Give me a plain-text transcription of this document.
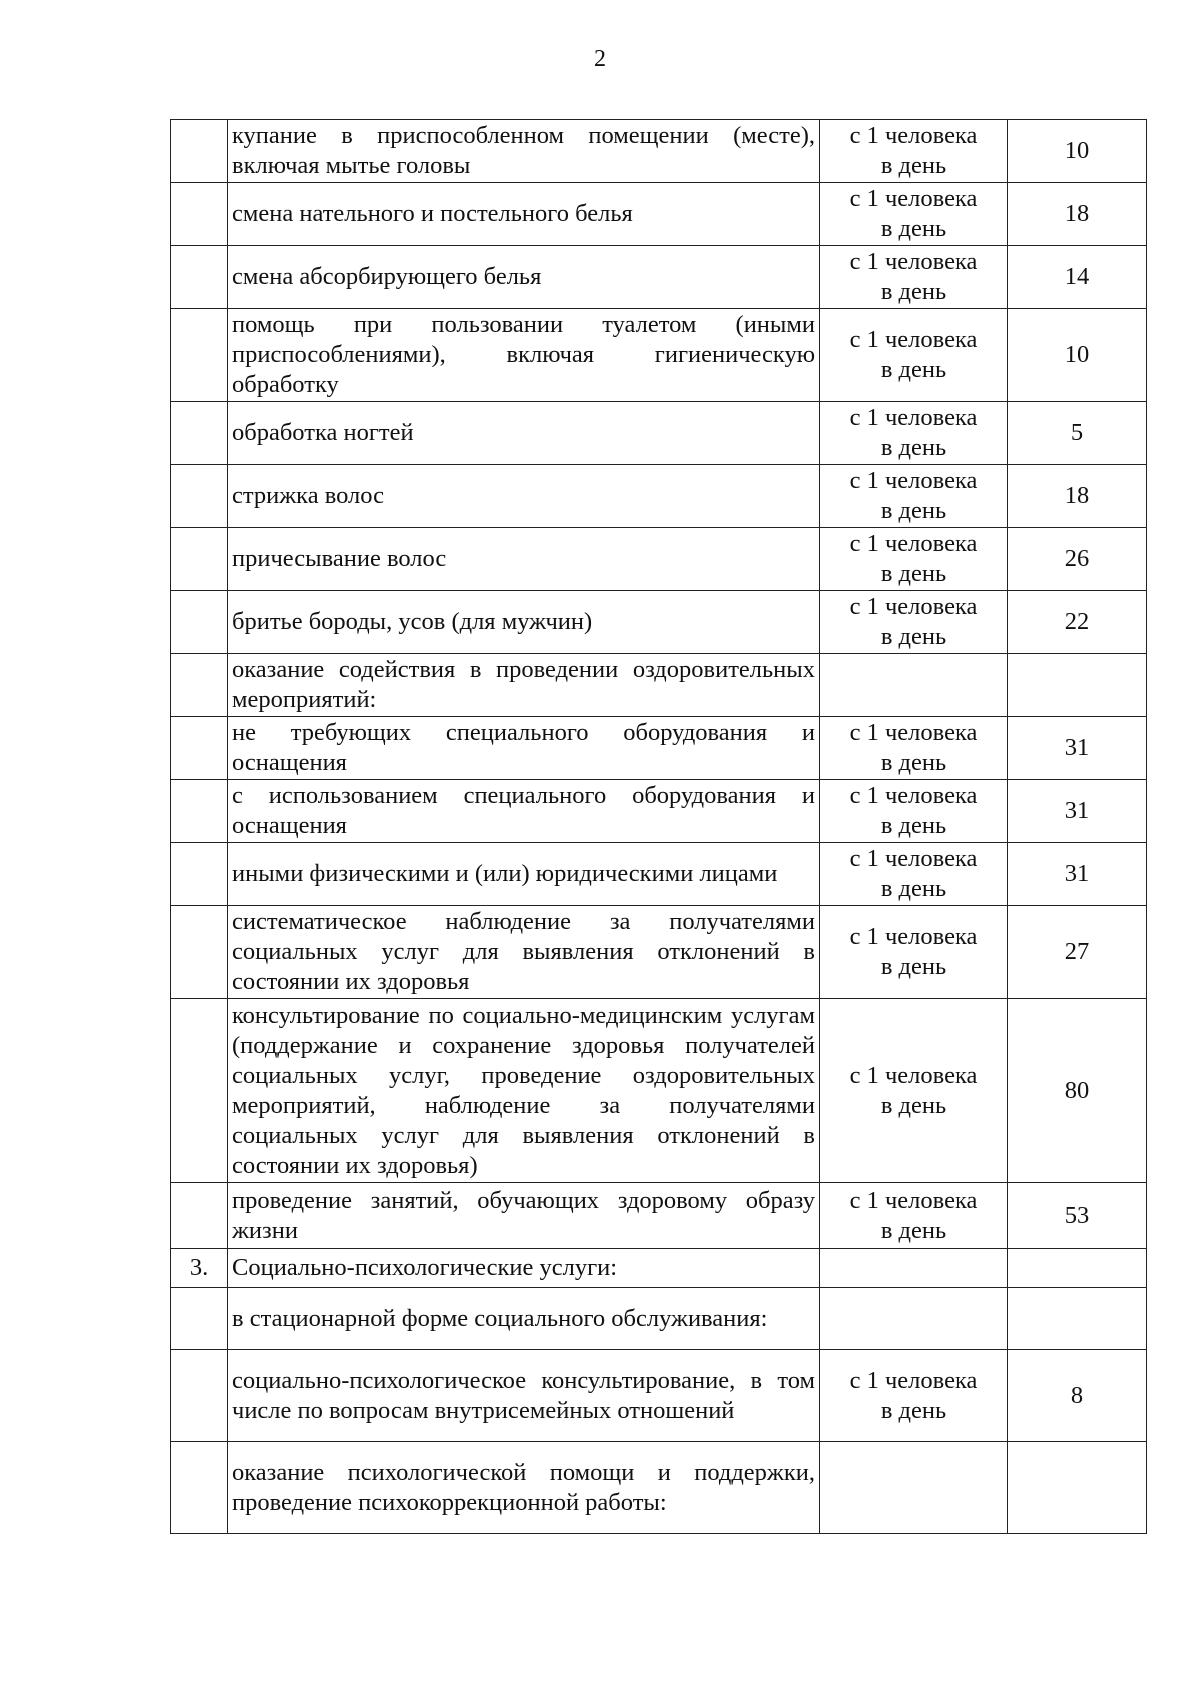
2
	купание в приспособленном помещении (месте), включая мытье головы	с 1 человека
в день	10
	смена нательного и постельного белья	с 1 человека
в день	18
	смена абсорбирующего белья	с 1 человека
в день	14
	помощь при пользовании туалетом (иными приспособлениями), включая гигиеническую обработку	с 1 человека
в день	10
	обработка ногтей	с 1 человека
в день	5
	стрижка волос	с 1 человека
в день	18
	причесывание волос	с 1 человека
в день	26
	бритье бороды, усов (для мужчин)	с 1 человека
в день	22
	оказание содействия в проведении оздоровительных мероприятий:		
	не требующих специального оборудования и оснащения	с 1 человека
в день	31
	с использованием специального оборудования и оснащения	с 1 человека
в день	31
	иными физическими и (или) юридическими лицами	с 1 человека
в день	31
	систематическое наблюдение за получателями социальных услуг для выявления отклонений в состоянии их здоровья	с 1 человека
в день	27
	консультирование по социально-медицинским услугам (поддержание и сохранение здоровья получателей социальных услуг, проведение оздоровительных мероприятий, наблюдение за получателями социальных услуг для выявления отклонений в состоянии их здоровья)	с 1 человека
в день	80
	проведение занятий, обучающих здоровому образу жизни	с 1 человека
в день	53
3.	Социально-психологические услуги:		
	в стационарной форме социального обслуживания:		
	социально-психологическое консультирование, в том числе по вопросам внутрисемейных отношений	с 1 человека
в день	8
	оказание психологической помощи и поддержки, проведение психокоррекционной работы:		
